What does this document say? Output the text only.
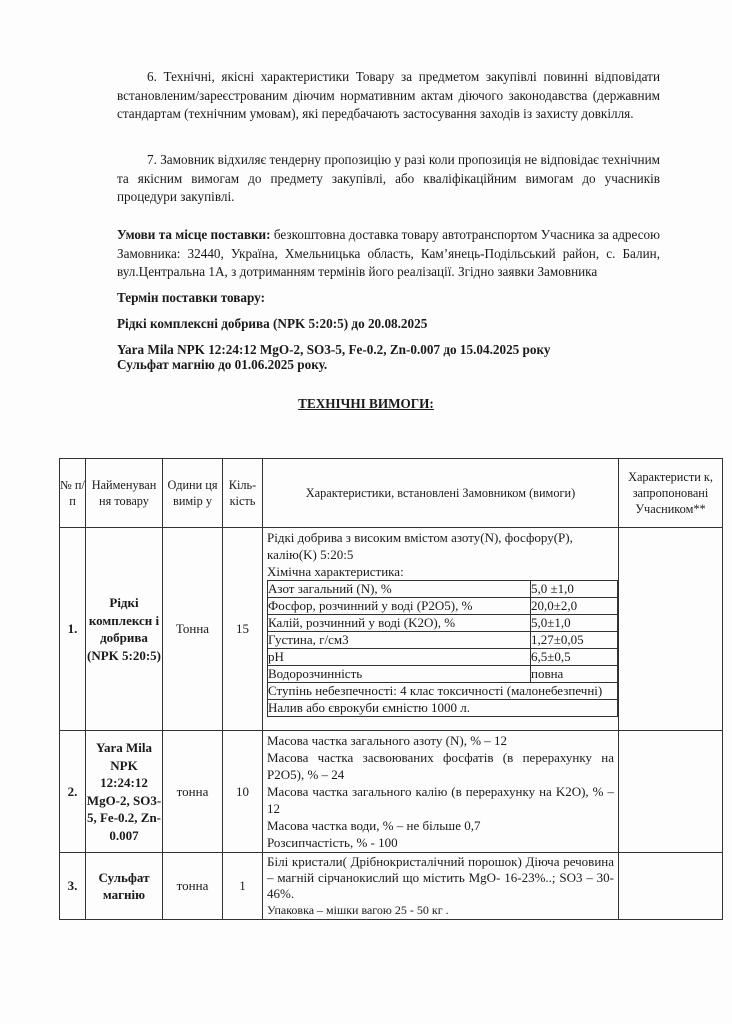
6. Технічні, якісні характеристики Товару за предметом закупівлі повинні відповідати встановленим/зареєстрованим діючим нормативним актам діючого законодавства (державним стандартам (технічним умовам), які передбачають застосування заходів із захисту довкілля.

7. Замовник відхиляє тендерну пропозицію у разі коли пропозиція не відповідає технічним та якісним вимогам до предмету закупівлі, або кваліфікаційним вимогам до учасників процедури закупівлі.

Умови та місце поставки: безкоштовна доставка товару автотранспортом Учасника за адресою Замовника: 32440, Україна, Хмельницька область, Кам’янець-Подільський район, с. Балин, вул.Центральна 1А, з дотриманням термінів його реалізації. Згідно заявки Замовника

Термін поставки товару:

Рідкі комплексні добрива (NPK 5:20:5) до 20.08.2025

Yara Mila NPK 12:24:12 MgO-2, SO3-5, Fe-0.2, Zn-0.007 до 15.04.2025 року

Сульфат магнію до 01.06.2025 року.

ТЕХНІЧНІ ВИМОГИ:
№ п/п	Найменуван ня товару	Одини ця вимір у	Кіль- кість	Характеристики, встановлені Замовником (вимоги)	Характеристи к, запропоновані Учасником**
1.	Рідкі комплексн і добрива (NPK 5:20:5)	Тонна	15	
Рідкі добрива з високим вмістом азоту(N), фосфору(P), калію(K) 5:20:5
Хімічна характеристика:
Азот загальний (N), %	5,0 ±1,0
Фосфор, розчинний у воді (P2O5), %	20,0±2,0
Калій, розчинний у воді (K2O), %	5,0±1,0
Густина, г/см3	1,27±0,05
pH	6,5±0,5
Водорозчинність	повна
Ступінь небезпечності: 4 клас токсичності (малонебезпечні)
Налив або єврокуби ємністю 1000 л.

2.	Yara Mila NPK 12:24:12 MgO-2, SO3-5, Fe-0.2, Zn-0.007	тонна	10	
Масова частка загального азоту (N), % – 12
Масова частка засвоюваних фосфатів (в перерахунку на P2O5), % – 24
Масова частка загального калію (в перерахунку на K2O), % – 12
Масова частка води, % – не більше 0,7
Розсипчастість, % - 100

3.	Сульфат магнію	тонна	1	
Білі кристали( Дрібнокристалічний порошок) Діюча речовина – магній сірчанокислий що містить MgO- 16-23%..; SO3 – 30-46%.
Упаковка – мішки вагою 25 - 50 кг .
